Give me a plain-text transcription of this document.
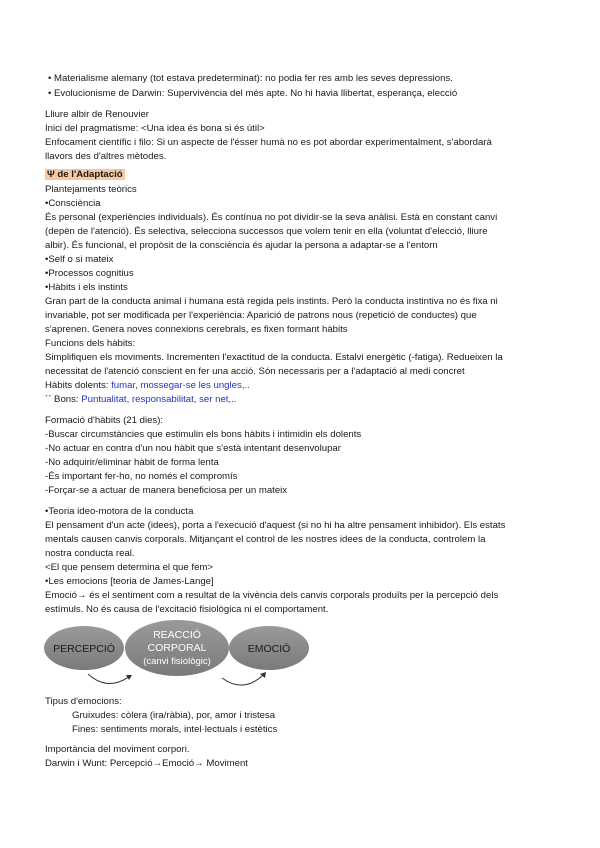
• Materialisme alemany (tot estava predeterminat): no podia fer res amb les seves depressions.
• Evolucionisme de Darwin: Supervivència del més apte. No hi havia llibertat, esperança, elecció
Lliure albir de Renouvier
Inici del pragmatisme: <Una idea és bona si és útil>
Enfocament científic i filo: Si un aspecte de l'ésser humà no es pot abordar experimentalment, s'abordarà
llavors des d'altres mètodes.
Ψ de l'Adaptació
Plantejaments teòrics
•Consciència
És personal (experiències individuals). És contínua no pot dividir-se la seva anàlisi. Està en constant canvi
(depèn de l'atenció). És selectiva, selecciona successos que volem tenir en ella (voluntat d'elecció, lliure
albir). És funcional, el propòsit de la consciència és ajudar la persona a adaptar-se a l'entorn
•Self o si mateix
•Processos cognitius
•Hàbits i els instints
Gran part de la conducta animal i humana està regida pels instints. Però la conducta instintiva no és fixa ni
invariable, pot ser modificada per l'experiència: Aparició de patrons nous (repetició de conductes) que
s'aprenen. Genera noves connexions cerebrals, es fixen formant hàbits
Funcions dels hàbits:
Simplifiquen els moviments. Incrementen l'exactitud de la conducta. Estalvi energètic (-fatiga). Redueixen la
necessitat de l'atenció conscient en fer una acció. Són necessaris per a l'adaptació al medi concret
Hàbits dolents: fumar, mossegar-se les ungles,..
`` Bons: Puntualitat, responsabilitat, ser net,..
Formació d'hàbits (21 dies):
-Buscar circumstàncies que estimulin els bons hàbits i intimidin els dolents
-No actuar en contra d'un nou hàbit que s'està intentant desenvolupar
-No adquirir/eliminar hàbit de forma lenta
-És important fer-ho, no només el compromís
-Forçar-se a actuar de manera beneficiosa per un mateix
•Teoria ideo-motora de la conducta
El pensament d'un acte (idees), porta a l'execució d'aquest (si no hi ha altre pensament inhibidor). Els estats
mentals causen canvis corporals. Mitjançant el control de les nostres idees de la conducta, controlem la
nostra conducta real.
<El que pensem determina el que fem>
•Les emocions [teoria de James-Lange]
Emoció→ és el sentiment com a resultat de la vivència dels canvis corporals produïts per la percepció dels
estímuls. No és causa de l'excitació fisiològica ni el comportament.
PERCEPCIÓ
REACCIÓ
CORPORAL
(canvi fisiològic)
EMOCIÓ
Tipus d'emocions:
Gruixudes: còlera (ira/ràbia), por, amor i tristesa
Fines: sentiments morals, intel·lectuals i estètics
Importància del moviment corpori.
Darwin i Wunt: Percepció→Emoció→ Moviment
